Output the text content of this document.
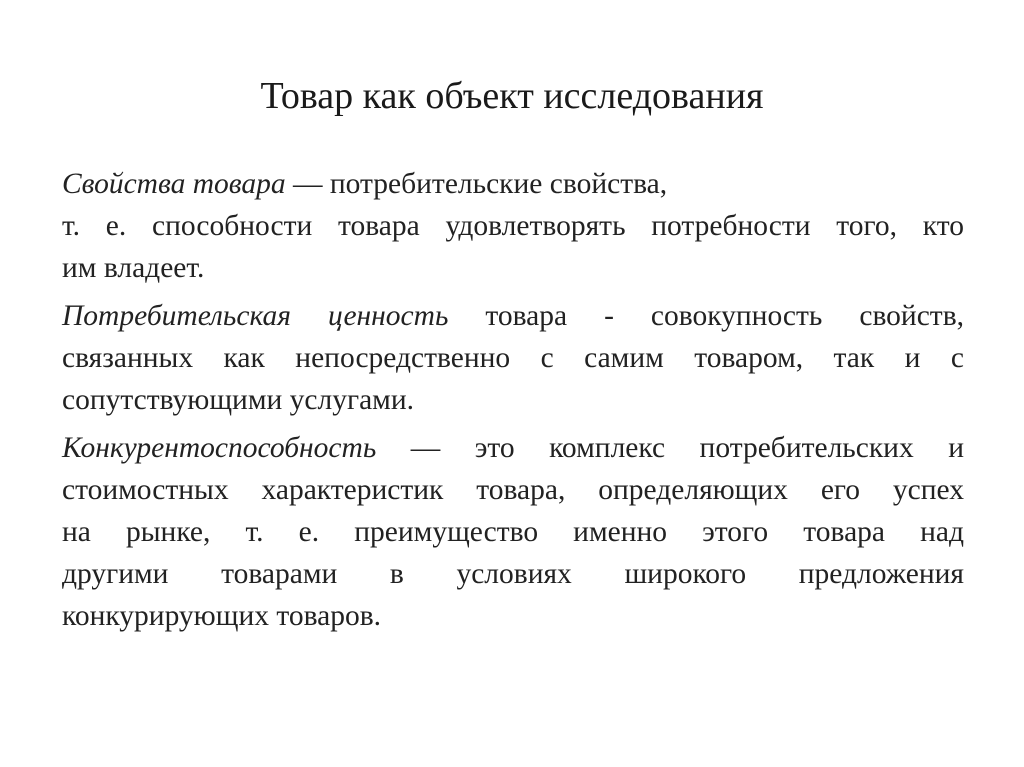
Товар как объект исследования

Свойства товара — потребительские свойства,
т. е. способности товара удовлетворять потребности того, кто
им владеет.

Потребительская ценность товара - совокупность свойств,
связанных как непосредственно с самим товаром, так и с
сопутствующими услугами.

Конкурентоспособность — это комплекс потребительских и
стоимостных характеристик товара, определяющих его успех
на рынке, т. е. преимущество именно этого товара над
другими товарами в условиях широкого предложения
конкурирующих товаров.
